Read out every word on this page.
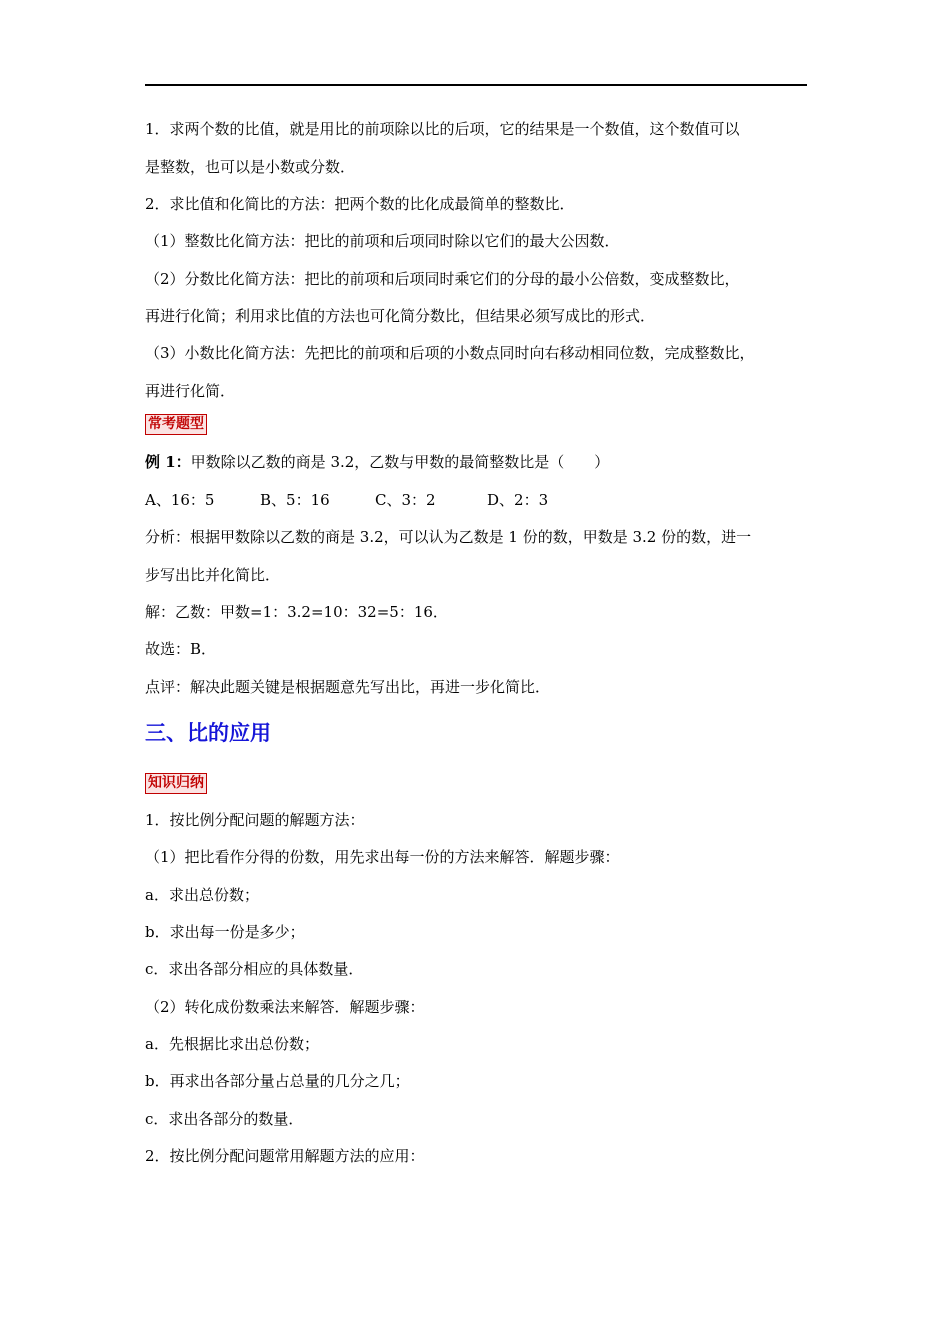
1．求两个数的比值，就是用比的前项除以比的后项，它的结果是一个数值，这个数值可以
是整数，也可以是小数或分数．
2．求比值和化简比的方法：把两个数的比化成最简单的整数比．
（1）整数比化简方法：把比的前项和后项同时除以它们的最大公因数．
（2）分数比化简方法：把比的前项和后项同时乘它们的分母的最小公倍数，变成整数比，
再进行化简；利用求比值的方法也可化简分数比，但结果必须写成比的形式．
（3）小数比化简方法：先把比的前项和后项的小数点同时向右移动相同位数，完成整数比，
再进行化简．
常考题型
例 1：甲数除以乙数的商是 3.2，乙数与甲数的最简整数比是（　　）
A、16：5	B、5：16	C、3：2	D、2：3
分析：根据甲数除以乙数的商是 3.2，可以认为乙数是 1 份的数，甲数是 3.2 份的数，进一
步写出比并化简比．
解：乙数：甲数=1：3.2=10：32=5：16．
故选：B．
点评：解决此题关键是根据题意先写出比，再进一步化简比．
三、比的应用
知识归纳
1．按比例分配问题的解题方法：
（1）把比看作分得的份数，用先求出每一份的方法来解答．解题步骤：
a．求出总份数；
b．求出每一份是多少；
c．求出各部分相应的具体数量．
（2）转化成份数乘法来解答．解题步骤：
a．先根据比求出总份数；
b．再求出各部分量占总量的几分之几；
c．求出各部分的数量．
2．按比例分配问题常用解题方法的应用：
